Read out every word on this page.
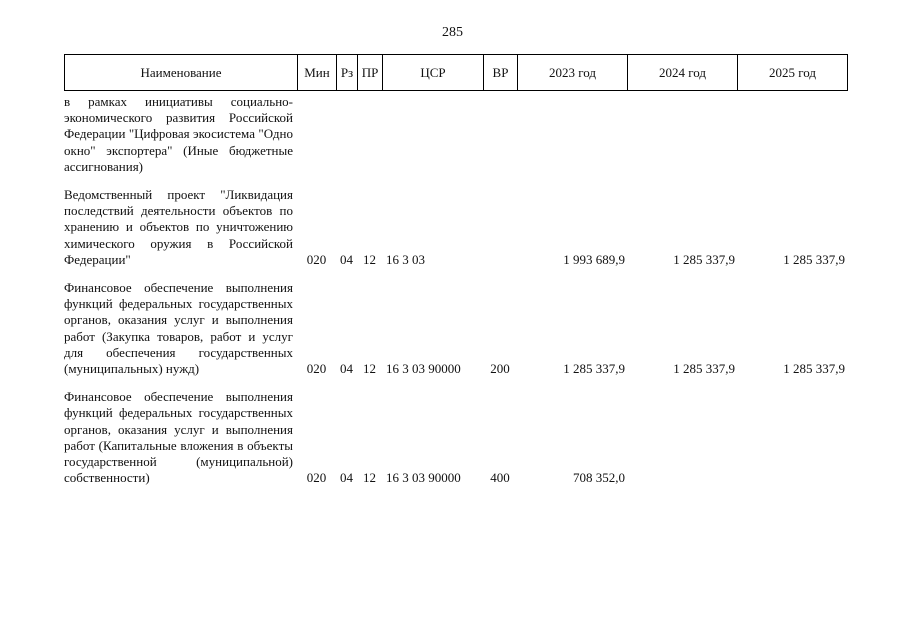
285
Наименование	Мин	Рз	ПР	ЦСР	ВР	2023 год	2024 год	2025 год
в рамках инициативы социально-экономического развития Российской Федерации "Цифровая экосистема "Одно окно" экспортера" (Иные бюджетные ассигнования)								
Ведомственный проект "Ликвидация последствий деятельности объектов по хранению и объектов по уничтожению химического оружия в Российской Федерации"	020	04	12	16 3 03		1 993 689,9	1 285 337,9	1 285 337,9
Финансовое обеспечение выполнения функций федеральных государственных органов, оказания услуг и выполнения работ (Закупка товаров, работ и услуг для обеспечения государственных (муниципальных) нужд)	020	04	12	16 3 03 90000	200	1 285 337,9	1 285 337,9	1 285 337,9
Финансовое обеспечение выполнения функций федеральных государственных органов, оказания услуг и выполнения работ (Капитальные вложения в объекты государственной (муниципальной) собственности)	020	04	12	16 3 03 90000	400	708 352,0		
